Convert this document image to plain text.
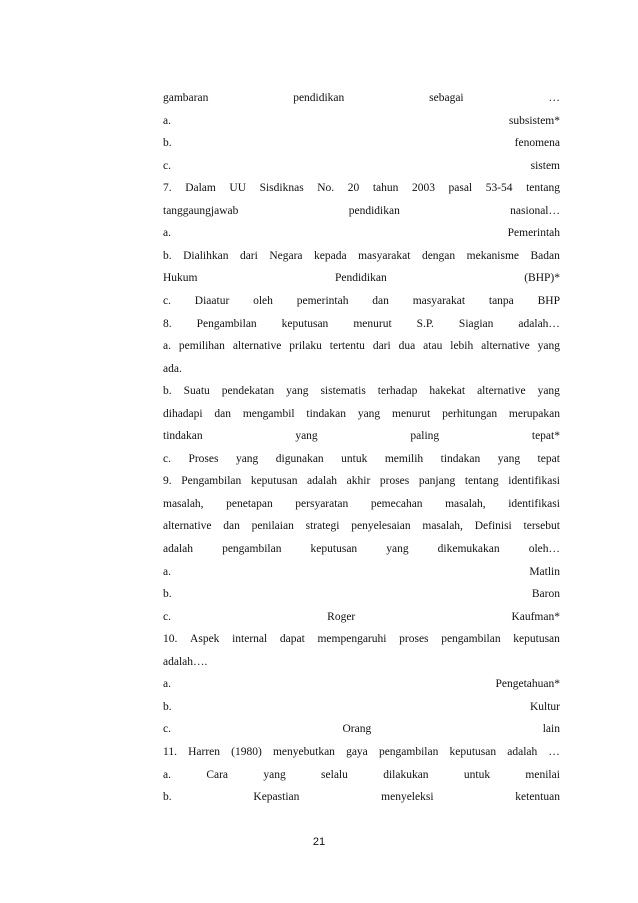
gambaran	pendidikan	sebagai	…
a.	subsistem*
b.	fenomena
c.	sistem
7. Dalam UU Sisdiknas No. 20 tahun 2003 pasal 53-54 tentang
tanggaungjawab	pendidikan	nasional…
a.	Pemerintah
b. Dialihkan dari Negara kepada masyarakat dengan mekanisme Badan
Hukum	Pendidikan	(BHP)*
c. Diaatur oleh pemerintah dan masyarakat tanpa BHP
8. Pengambilan keputusan menurut S.P. Siagian adalah…
a. pemilihan alternative prilaku tertentu dari dua atau lebih alternative yang
ada.
b. Suatu pendekatan yang sistematis terhadap hakekat alternative yang
dihadapi dan mengambil tindakan yang menurut perhitungan merupakan
tindakan	yang	paling	tepat*
c. Proses yang digunakan untuk memilih tindakan yang tepat
9. Pengambilan keputusan adalah akhir proses panjang tentang identifikasi
masalah, penetapan persyaratan pemecahan masalah, identifikasi
alternative dan penilaian strategi penyelesaian masalah, Definisi tersebut
adalah	pengambilan	keputusan	yang	dikemukakan	oleh…
a.	Matlin
b.	Baron
c.	Roger	Kaufman*
10. Aspek internal dapat mempengaruhi proses pengambilan keputusan
adalah….
a.	Pengetahuan*
b.	Kultur
c.	Orang	lain
11. Harren (1980) menyebutkan gaya pengambilan keputusan adalah …
a.	Cara	yang	selalu	dilakukan	untuk	menilai
b.	Kepastian	menyeleksi	ketentuan
21
